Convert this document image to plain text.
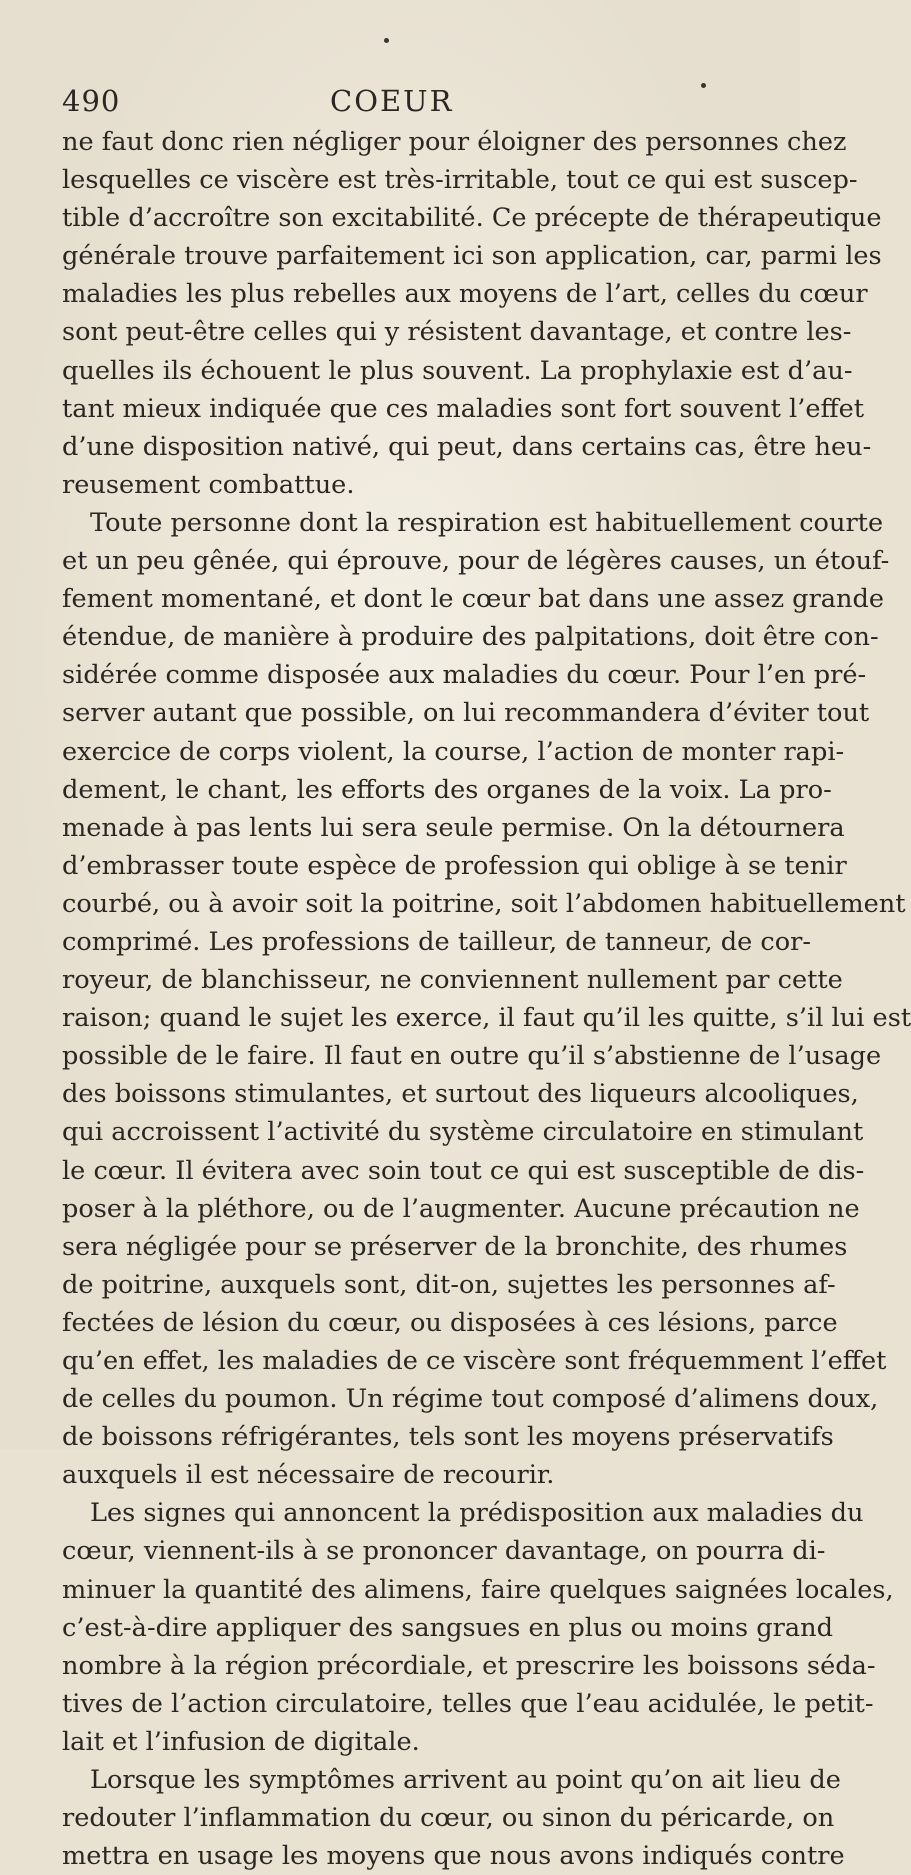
490	COEUR
ne faut donc rien négliger pour éloigner des personnes chez
lesquelles ce viscère est très-irritable, tout ce qui est suscep-
tible d’accroître son excitabilité. Ce précepte de thérapeutique
générale trouve parfaitement ici son application, car, parmi les
maladies les plus rebelles aux moyens de l’art, celles du cœur
sont peut-être celles qui y résistent davantage, et contre les-
quelles ils échouent le plus souvent. La prophylaxie est d’au-
tant mieux indiquée que ces maladies sont fort souvent l’effet
d’une disposition nativé, qui peut, dans certains cas, être heu-
reusement combattue.
Toute personne dont la respiration est habituellement courte
et un peu gênée, qui éprouve, pour de légères causes, un étouf-
fement momentané, et dont le cœur bat dans une assez grande
étendue, de manière à produire des palpitations, doit être con-
sidérée comme disposée aux maladies du cœur. Pour l’en pré-
server autant que possible, on lui recommandera d’éviter tout
exercice de corps violent, la course, l’action de monter rapi-
dement, le chant, les efforts des organes de la voix. La pro-
menade à pas lents lui sera seule permise. On la détournera
d’embrasser toute espèce de profession qui oblige à se tenir
courbé, ou à avoir soit la poitrine, soit l’abdomen habituellement
comprimé. Les professions de tailleur, de tanneur, de cor-
royeur, de blanchisseur, ne conviennent nullement par cette
raison; quand le sujet les exerce, il faut qu’il les quitte, s’il lui est
possible de le faire. Il faut en outre qu’il s’abstienne de l’usage
des boissons stimulantes, et surtout des liqueurs alcooliques,
qui accroissent l’activité du système circulatoire en stimulant
le cœur. Il évitera avec soin tout ce qui est susceptible de dis-
poser à la pléthore, ou de l’augmenter. Aucune précaution ne
sera négligée pour se préserver de la bronchite, des rhumes
de poitrine, auxquels sont, dit-on, sujettes les personnes af-
fectées de lésion du cœur, ou disposées à ces lésions, parce
qu’en effet, les maladies de ce viscère sont fréquemment l’effet
de celles du poumon. Un régime tout composé d’alimens doux,
de boissons réfrigérantes, tels sont les moyens préservatifs
auxquels il est nécessaire de recourir.
Les signes qui annoncent la prédisposition aux maladies du
cœur, viennent-ils à se prononcer davantage, on pourra di-
minuer la quantité des alimens, faire quelques saignées locales,
c’est-à-dire appliquer des sangsues en plus ou moins grand
nombre à la région précordiale, et prescrire les boissons séda-
tives de l’action circulatoire, telles que l’eau acidulée, le petit-
lait et l’infusion de digitale.
Lorsque les symptômes arrivent au point qu’on ait lieu de
redouter l’inflammation du cœur, ou sinon du péricarde, on
mettra en usage les moyens que nous avons indiqués contre
